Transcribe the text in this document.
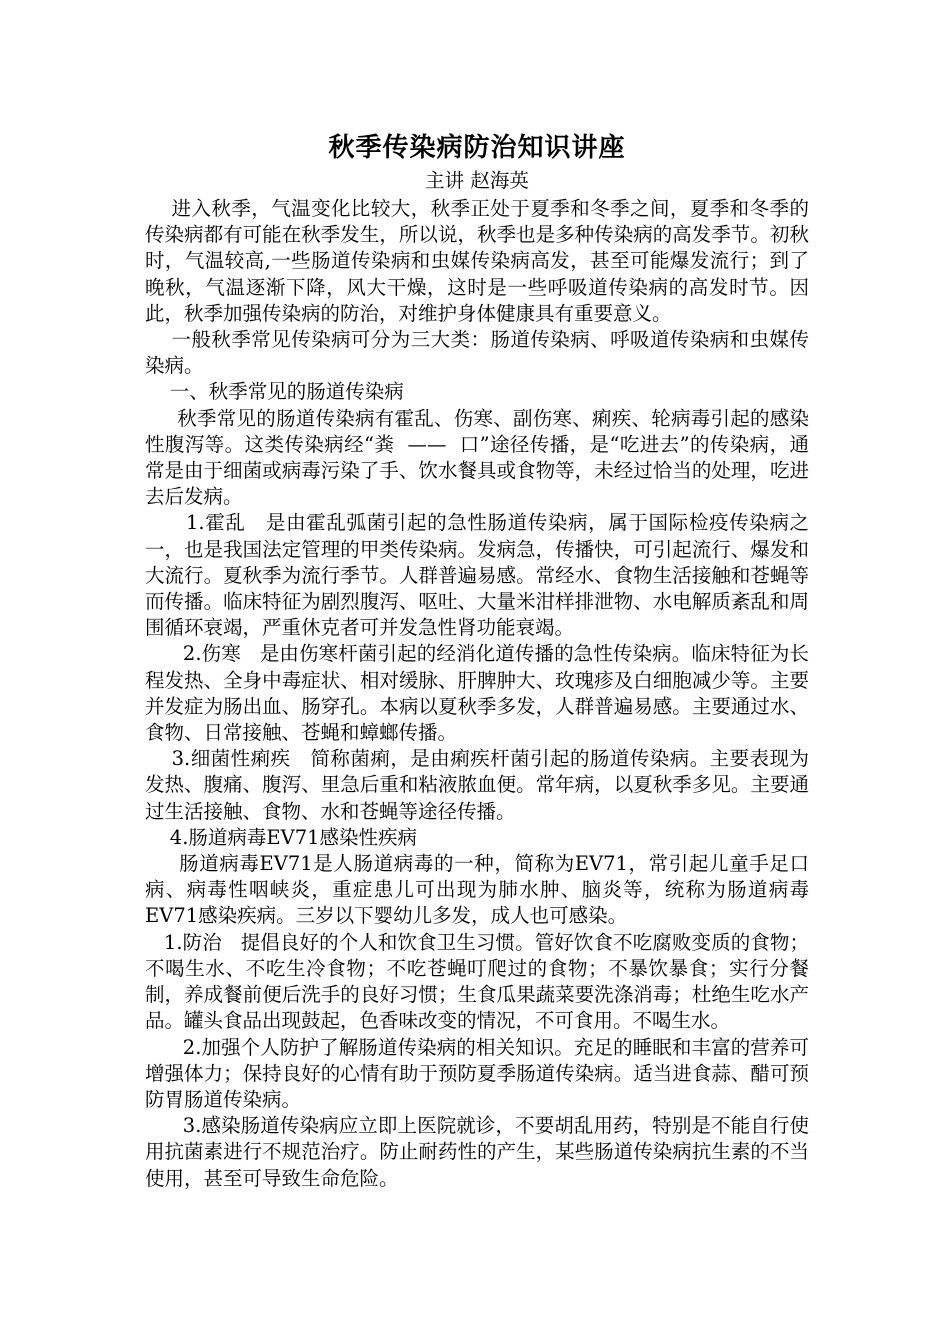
秋季传染病防治知识讲座

主讲 赵海英

进入秋季，气温变化比较大，秋季正处于夏季和冬季之间，夏季和冬季的传染病都有可能在秋季发生，所以说，秋季也是多种传染病的高发季节。初秋时，气温较高,一些肠道传染病和虫媒传染病高发，甚至可能爆发流行；到了晚秋，气温逐渐下降，风大干燥，这时是一些呼吸道传染病的高发时节。因此，秋季加强传染病的防治，对维护身体健康具有重要意义。

一般秋季常见传染病可分为三大类：肠道传染病、呼吸道传染病和虫媒传染病。

一、秋季常见的肠道传染病

秋季常见的肠道传染病有霍乱、伤寒、副伤寒、痢疾、轮病毒引起的感染性腹泻等。这类传染病经“粪  ——  口”途径传播，是“吃进去”的传染病，通常是由于细菌或病毒污染了手、饮水餐具或食物等，未经过恰当的处理，吃进去后发病。

1.霍乱   是由霍乱弧菌引起的急性肠道传染病，属于国际检疫传染病之一，也是我国法定管理的甲类传染病。发病急，传播快，可引起流行、爆发和大流行。夏秋季为流行季节。人群普遍易感。常经水、食物生活接触和苍蝇等而传播。临床特征为剧烈腹泻、呕吐、大量米泔样排泄物、水电解质紊乱和周围循环衰竭，严重休克者可并发急性肾功能衰竭。

2.伤寒   是由伤寒杆菌引起的经消化道传播的急性传染病。临床特征为长程发热、全身中毒症状、相对缓脉、肝脾肿大、玫瑰疹及白细胞减少等。主要并发症为肠出血、肠穿孔。本病以夏秋季多发，人群普遍易感。主要通过水、食物、日常接触、苍蝇和蟑螂传播。

3.细菌性痢疾   简称菌痢，是由痢疾杆菌引起的肠道传染病。主要表现为发热、腹痛、腹泻、里急后重和粘液脓血便。常年病，以夏秋季多见。主要通过生活接触、食物、水和苍蝇等途径传播。

4.肠道病毒EV71感染性疾病

肠道病毒EV71是人肠道病毒的一种，简称为EV71，常引起儿童手足口病、病毒性咽峡炎，重症患儿可出现为肺水肿、脑炎等，统称为肠道病毒EV71感染疾病。三岁以下婴幼儿多发，成人也可感染。

1.防治   提倡良好的个人和饮食卫生习惯。管好饮食不吃腐败变质的食物；不喝生水、不吃生冷食物；不吃苍蝇叮爬过的食物；不暴饮暴食；实行分餐制，养成餐前便后洗手的良好习惯；生食瓜果蔬菜要洗涤消毒；杜绝生吃水产品。罐头食品出现鼓起，色香味改变的情况，不可食用。不喝生水。

2.加强个人防护了解肠道传染病的相关知识。充足的睡眠和丰富的营养可增强体力；保持良好的心情有助于预防夏季肠道传染病。适当进食蒜、醋可预防胃肠道传染病。

3.感染肠道传染病应立即上医院就诊，不要胡乱用药，特别是不能自行使用抗菌素进行不规范治疗。防止耐药性的产生，某些肠道传染病抗生素的不当使用，甚至可导致生命危险。
